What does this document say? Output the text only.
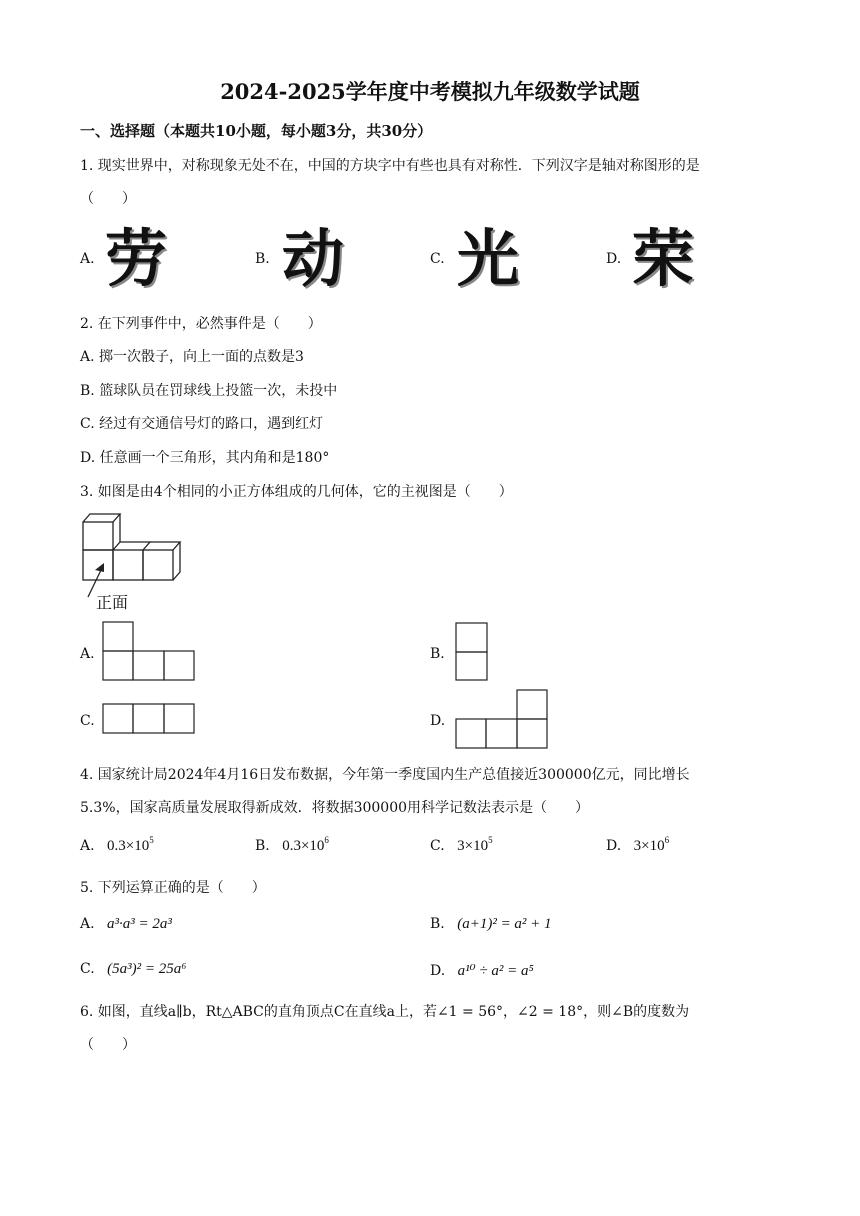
2024-2025学年度中考模拟九年级数学试题
一、选择题（本题共10小题，每小题3分，共30分）
1. 现实世界中，对称现象无处不在，中国的方块字中有些也具有对称性．下列汉字是轴对称图形的是
（　　）
A. 劳	B. 动	C. 光	D. 荣
2. 在下列事件中，必然事件是（　　）
A. 掷一次骰子，向上一面的点数是3
B. 篮球队员在罚球线上投篮一次，未投中
C. 经过有交通信号灯的路口，遇到红灯
D. 任意画一个三角形，其内角和是180°
3. 如图是由4个相同的小正方体组成的几何体，它的主视图是（　　）
正面
A.	B.
C.	D.
4. 国家统计局2024年4月16日发布数据，今年第一季度国内生产总值接近300000亿元，同比增长
5.3%，国家高质量发展取得新成效．将数据300000用科学记数法表示是（　　）
A. $0.3\times 10^5$	B. $0.3\times 10^6$	C. $3\times 10^5$	D. $3\times 10^6$
5. 下列运算正确的是（　　）
A. a³·a³ = 2a³	B. (a+1)² = a² + 1
C. (5a³)² = 25a⁶	D. a¹⁰ ÷ a² = a⁵
6. 如图，直线a∥b，Rt△ABC的直角顶点C在直线a上，若∠1 = 56°，∠2 = 18°，则∠B的度数为
（　　）
